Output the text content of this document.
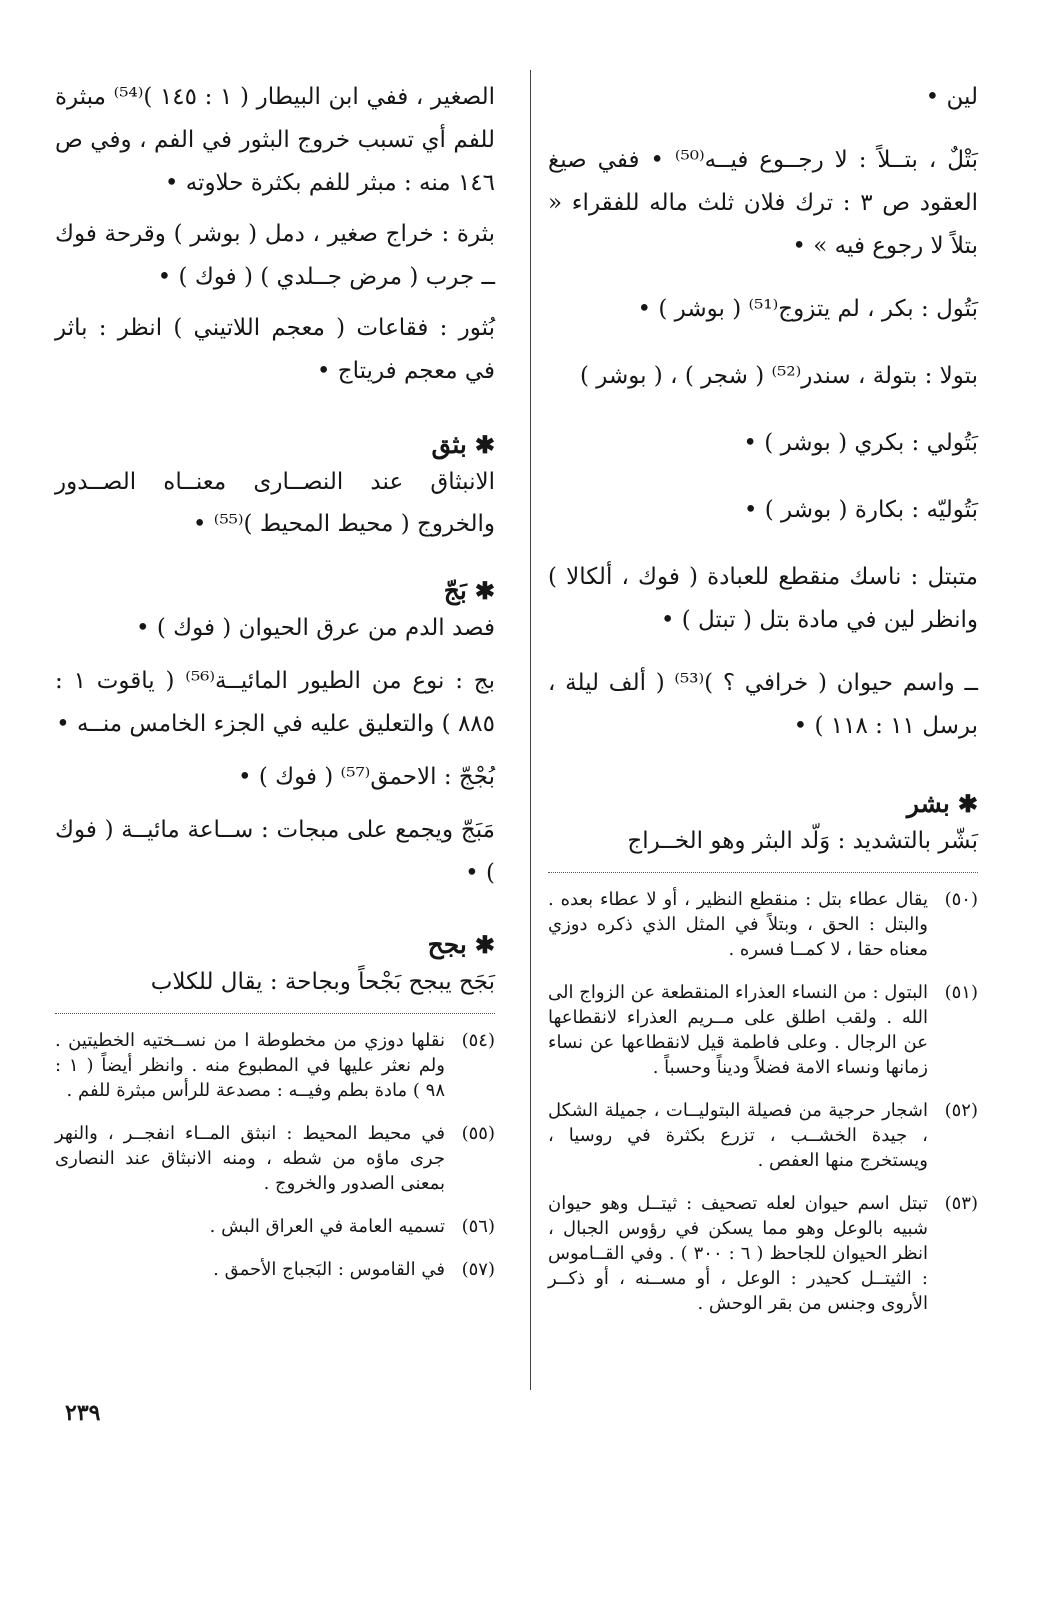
لين •

بَتْلٌ ، بتــلاً : لا رجــوع فيــه⁽⁵⁰⁾ • ففي صيغ العقود ص ٣ : ترك فلان ثلث ماله للفقراء « بتلاً لا رجوع فيه » •

بَتُول : بكر ، لم يتزوج⁽⁵¹⁾ ( بوشر ) •

بتولا : بتولة ، سندر⁽⁵²⁾ ( شجر ) ، ( بوشر )

بَتُولي : بكري ( بوشر ) •

بَتُوليّه : بكارة ( بوشر ) •

متبتل : ناسك منقطع للعبادة ( فوك ، ألكالا ) وانظر لين في مادة بتل ( تبتل ) •

ــ واسم حيوان ( خرافي ؟ )⁽⁵³⁾ ( ألف ليلة ، برسل ١١ : ١١٨ ) •

✱بشر

بَشّر بالتشديد : وَلّد البثر وهو الخــراج

(٥٠)
يقال عطاء بتل : منقطع النظير ، أو لا عطاء بعده . والبتل : الحق ، وبتلاً في المثل الذي ذكره دوزي معناه حقا ، لا كمــا فسره .
(٥١)
البتول : من النساء العذراء المنقطعة عن الزواج الى الله . ولقب اطلق على مــريم العذراء لانقطاعها عن الرجال . وعلى فاطمة قيل لانقطاعها عن نساء زمانها ونساء الامة فضلاً وديناً وحسباً .
(٥٢)
اشجار حرجية من فصيلة البتوليــات ، جميلة الشكل ، جيدة الخشــب ، تزرع بكثرة في روسيا ، ويستخرج منها العفص .
(٥٣)
تبتل اسم حيوان لعله تصحيف : ثيتــل وهو حيوان شبيه بالوعل وهو مما يسكن في رؤوس الجبال ، انظر الحيوان للجاحظ ( ٦ : ٣٠٠ ) . وفي القــاموس : الثيتــل كحيدر : الوعل ، أو مســنه ، أو ذكــر الأروى وجنس من بقر الوحش .

الصغير ، ففي ابن البيطار ( ١ : ١٤٥ )⁽⁵⁴⁾ مبثرة للفم أي تسبب خروج البثور في الفم ، وفي ص ١٤٦ منه : مبثر للفم بكثرة حلاوته •

بثرة : خراج صغير ، دمل ( بوشر ) وقرحة فوك ــ جرب ( مرض جــلدي ) ( فوك ) •

بُثور : فقاعات ( معجم اللاتيني ) انظر : باثر في معجم فريتاج •

✱بثق

الانبثاق عند النصــارى معنــاه الصــدور والخروج ( محيط المحيط )⁽⁵⁵⁾ •

✱بَجّ

فصد الدم من عرق الحيوان ( فوك ) •

بج : نوع من الطيور المائيــة⁽⁵⁶⁾ ( ياقوت ١ : ٨٨٥ ) والتعليق عليه في الجزء الخامس منــه •

بُجْجّ : الاحمق⁽⁵⁷⁾ ( فوك ) •

مَبَجّ ويجمع على مبجات : ســاعة مائيــة ( فوك ) •

✱بجح

بَجَح يبجح بَجْحاً وبجاحة : يقال للكلاب

(٥٤)
نقلها دوزي من مخطوطة ا من نســختيه الخطيتين . ولم نعثر عليها في المطبوع منه . وانظر أيضاً ( ١ : ٩٨ ) مادة بطم وفيــه : مصدعة للرأس مبثرة للفم .
(٥٥)
في محيط المحيط : انبثق المــاء انفجــر ، والنهر جرى ماؤه من شطه ، ومنه الانبثاق عند النصارى بمعنى الصدور والخروج .
(٥٦)
تسميه العامة في العراق البش .
(٥٧)
في القاموس : البَجباج الأحمق .
٢٣٩
